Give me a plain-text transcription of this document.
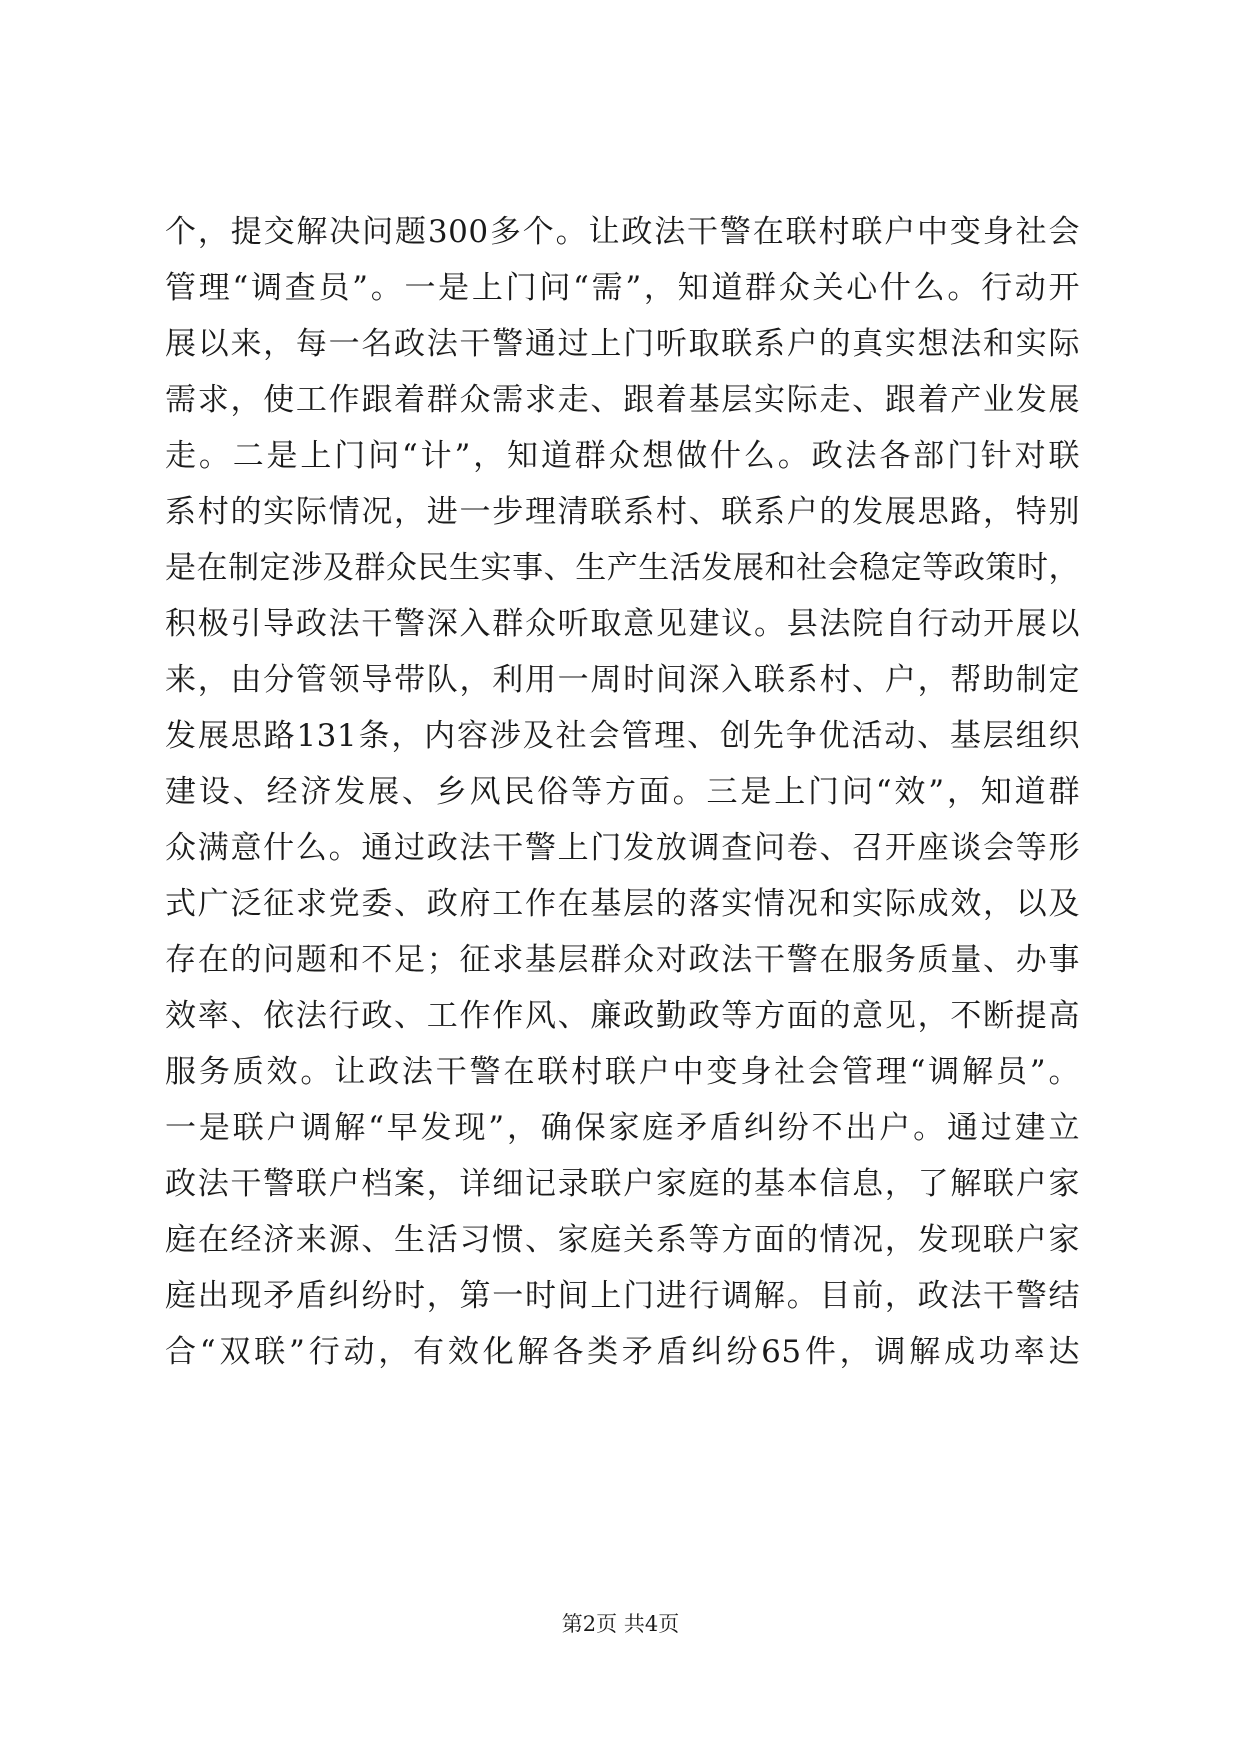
个，提交解决问题300多个。让政法干警在联村联户中变身社会
管理“调查员”。一是上门问“需”，知道群众关心什么。行动开
展以来，每一名政法干警通过上门听取联系户的真实想法和实际
需求，使工作跟着群众需求走、跟着基层实际走、跟着产业发展
走。二是上门问“计”，知道群众想做什么。政法各部门针对联
系村的实际情况，进一步理清联系村、联系户的发展思路，特别
是在制定涉及群众民生实事、生产生活发展和社会稳定等政策时，
积极引导政法干警深入群众听取意见建议。县法院自行动开展以
来，由分管领导带队，利用一周时间深入联系村、户，帮助制定
发展思路131条，内容涉及社会管理、创先争优活动、基层组织
建设、经济发展、乡风民俗等方面。三是上门问“效”，知道群
众满意什么。通过政法干警上门发放调查问卷、召开座谈会等形
式广泛征求党委、政府工作在基层的落实情况和实际成效，以及
存在的问题和不足；征求基层群众对政法干警在服务质量、办事
效率、依法行政、工作作风、廉政勤政等方面的意见，不断提高
服务质效。让政法干警在联村联户中变身社会管理“调解员”。
一是联户调解“早发现”，确保家庭矛盾纠纷不出户。通过建立
政法干警联户档案，详细记录联户家庭的基本信息，了解联户家
庭在经济来源、生活习惯、家庭关系等方面的情况，发现联户家
庭出现矛盾纠纷时，第一时间上门进行调解。目前，政法干警结
合“双联”行动，有效化解各类矛盾纠纷65件，调解成功率达
第2页 共4页
